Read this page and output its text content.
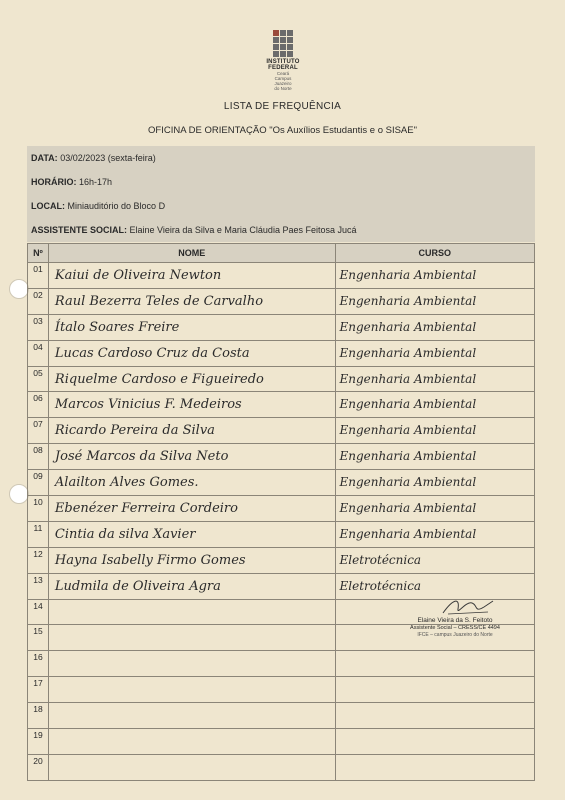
INSTITUTO
FEDERAL
Ceará
Campus
Juazeiro
do Norte
LISTA DE FREQUÊNCIA
OFICINA DE ORIENTAÇÃO "Os Auxílios Estudantis e o SISAE"
DATA: 03/02/2023 (sexta-feira)
HORÁRIO: 16h-17h
LOCAL: Miniauditório do Bloco D
ASSISTENTE SOCIAL: Elaine Vieira da Silva e Maria Cláudia Paes Feitosa Jucá
Nº	NOME	CURSO
01	Kaiui de Oliveira Newton	Engenharia Ambiental

02	Raul Bezerra Teles de Carvalho	Engenharia Ambiental

03	Ítalo Soares Freire	Engenharia Ambiental

04	Lucas Cardoso Cruz da Costa	Engenharia Ambiental

05	Riquelme Cardoso e Figueiredo	Engenharia Ambiental

06	Marcos Vinicius F. Medeiros	Engenharia Ambiental

07	Ricardo Pereira da Silva	Engenharia Ambiental

08	José Marcos da Silva Neto	Engenharia Ambiental

09	Alailton Alves Gomes.	Engenharia Ambiental

10	Ebenézer Ferreira Cordeiro	Engenharia Ambiental

11	Cintia da silva Xavier	Engenharia Ambiental

12	Hayna Isabelly Firmo Gomes	Eletrotécnica

13	Ludmila de Oliveira Agra	Eletrotécnica

14	

15	

16	

17	

18	

19	

20	

Elaine Vieira da S. Feitoto
Assistente Social – CRESS/CE 4494
IFCE – campus Juazeiro do Norte
